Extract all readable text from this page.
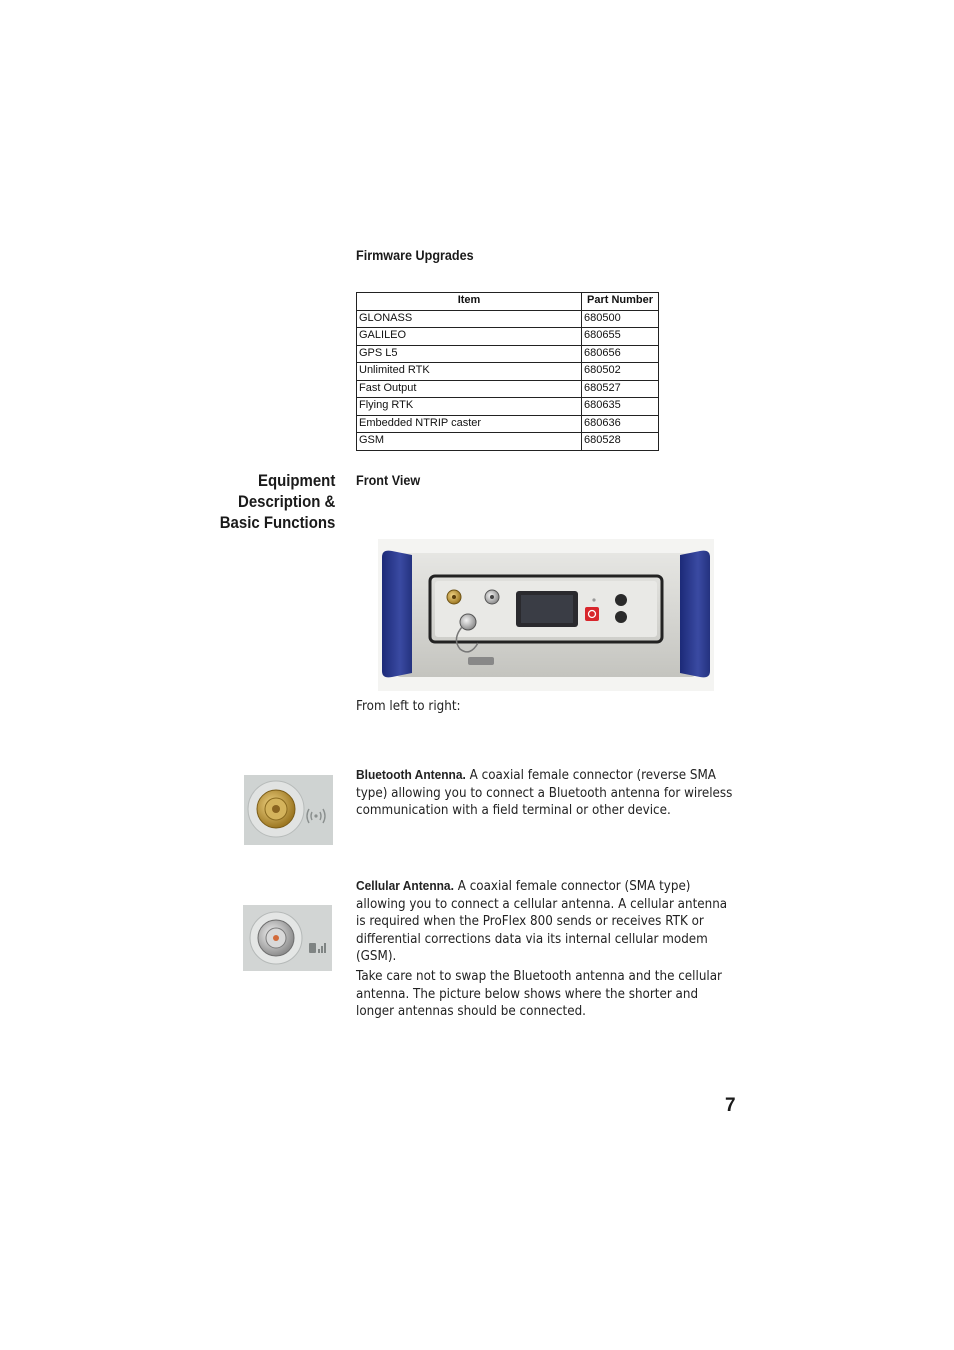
Firmware Upgrades
Item	Part Number
GLONASS	680500
GALILEO	680655
GPS L5	680656
Unlimited RTK	680502
Fast Output	680527
Flying RTK	680635
Embedded NTRIP caster	680636
GSM	680528
Equipment
Description &
Basic Functions
Front View
From left to right:
Bluetooth Antenna. A coaxial female connector (reverse SMA type) allowing you to connect a Bluetooth antenna for wireless communication with a field terminal or other device.
Cellular Antenna. A coaxial female connector (SMA type) allowing you to connect a cellular antenna. A cellular antenna is required when the ProFlex 800 sends or receives RTK or differential corrections data via its internal cellular modem (GSM).
Take care not to swap the Bluetooth antenna and the cellular antenna. The picture below shows where the shorter and longer antennas should be connected.
7
